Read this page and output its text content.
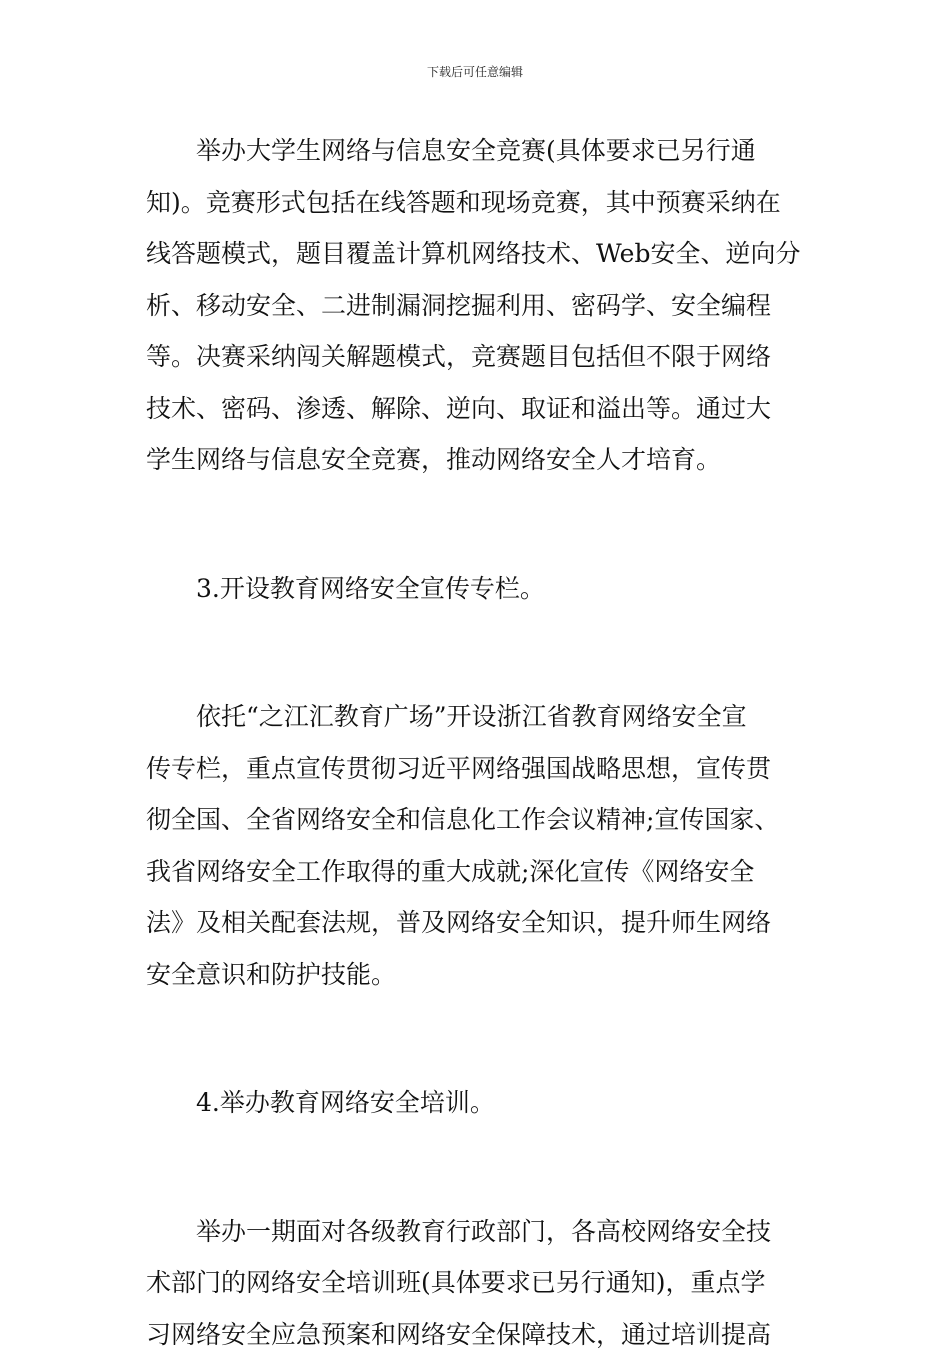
下载后可任意编辑

举办大学生网络与信息安全竞赛(具体要求已另行通
知)。竞赛形式包括在线答题和现场竞赛，其中预赛采纳在
线答题模式，题目覆盖计算机网络技术、Web安全、逆向分
析、移动安全、二进制漏洞挖掘利用、密码学、安全编程
等。决赛采纳闯关解题模式，竞赛题目包括但不限于网络
技术、密码、渗透、解除、逆向、取证和溢出等。通过大
学生网络与信息安全竞赛，推动网络安全人才培育。

3.开设教育网络安全宣传专栏。

依托“之江汇教育广场”开设浙江省教育网络安全宣
传专栏，重点宣传贯彻习近平网络强国战略思想，宣传贯
彻全国、全省网络安全和信息化工作会议精神;宣传国家、
我省网络安全工作取得的重大成就;深化宣传《网络安全
法》及相关配套法规，普及网络安全知识，提升师生网络
安全意识和防护技能。

4.举办教育网络安全培训。

举办一期面对各级教育行政部门，各高校网络安全技
术部门的网络安全培训班(具体要求已另行通知)，重点学
习网络安全应急预案和网络安全保障技术，通过培训提高
